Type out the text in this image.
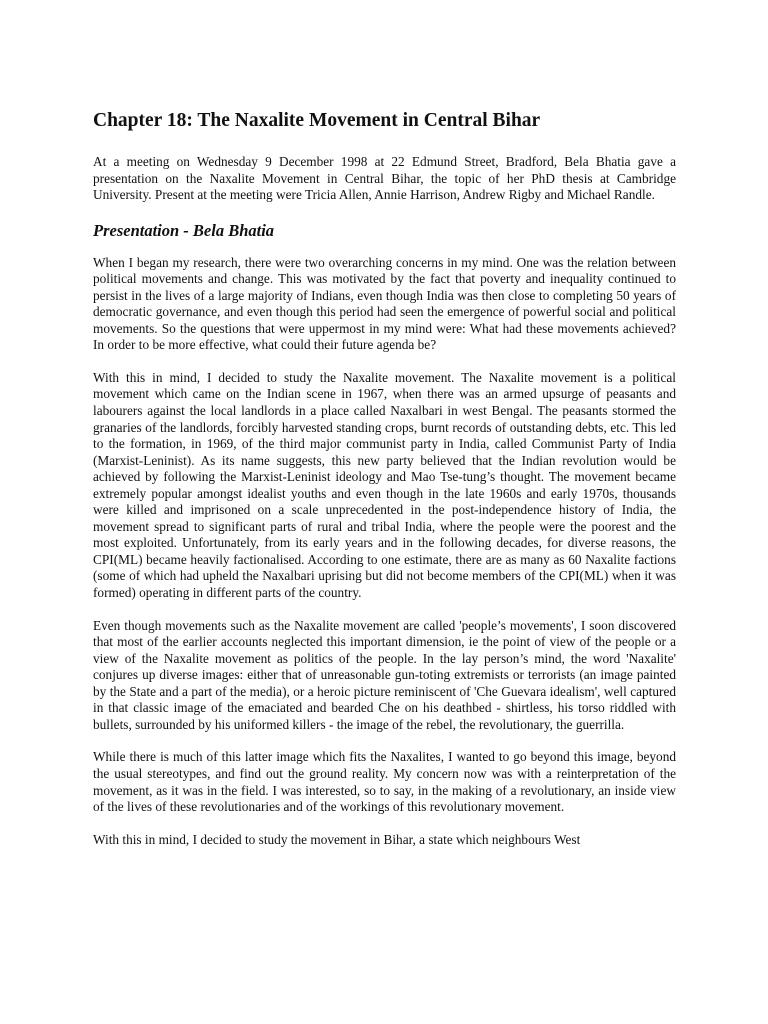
Chapter 18: The Naxalite Movement in Central Bihar

At a meeting on Wednesday 9 December 1998 at 22 Edmund Street, Bradford, Bela Bhatia gave a presentation on the Naxalite Movement in Central Bihar, the topic of her PhD thesis at Cambridge University. Present at the meeting were Tricia Allen, Annie Harrison, Andrew Rigby and Michael Randle.

Presentation - Bela Bhatia

When I began my research, there were two overarching concerns in my mind. One was the relation between political movements and change. This was motivated by the fact that poverty and inequality continued to persist in the lives of a large majority of Indians, even though India was then close to completing 50 years of democratic governance, and even though this period had seen the emergence of powerful social and political movements. So the questions that were uppermost in my mind were: What had these movements achieved? In order to be more effective, what could their future agenda be?

With this in mind, I decided to study the Naxalite movement. The Naxalite movement is a political movement which came on the Indian scene in 1967, when there was an armed upsurge of peasants and labourers against the local landlords in a place called Naxalbari in west Bengal. The peasants stormed the granaries of the landlords, forcibly harvested standing crops, burnt records of outstanding debts, etc. This led to the formation, in 1969, of the third major communist party in India, called Communist Party of India (Marxist-Leninist). As its name suggests, this new party believed that the Indian revolution would be achieved by following the Marxist-Leninist ideology and Mao Tse-tung’s thought. The movement became extremely popular amongst idealist youths and even though in the late 1960s and early 1970s, thousands were killed and imprisoned on a scale unprecedented in the post-independence history of India, the movement spread to significant parts of rural and tribal India, where the people were the poorest and the most exploited. Unfortunately, from its early years and in the following decades, for diverse reasons, the CPI(ML) became heavily factionalised. According to one estimate, there are as many as 60 Naxalite factions (some of which had upheld the Naxalbari uprising but did not become members of the CPI(ML) when it was formed) operating in different parts of the country.

Even though movements such as the Naxalite movement are called 'people’s movements', I soon discovered that most of the earlier accounts neglected this important dimension, ie the point of view of the people or a view of the Naxalite movement as politics of the people. In the lay person’s mind, the word 'Naxalite' conjures up diverse images: either that of unreasonable gun-toting extremists or terrorists (an image painted by the State and a part of the media), or a heroic picture reminiscent of 'Che Guevara idealism', well captured in that classic image of the emaciated and bearded Che on his deathbed - shirtless, his torso riddled with bullets, surrounded by his uniformed killers - the image of the rebel, the revolutionary, the guerrilla.

While there is much of this latter image which fits the Naxalites, I wanted to go beyond this image, beyond the usual stereotypes, and find out the ground reality. My concern now was with a reinterpretation of the movement, as it was in the field. I was interested, so to say, in the making of a revolutionary, an inside view of the lives of these revolutionaries and of the workings of this revolutionary movement.

With this in mind, I decided to study the movement in Bihar, a state which neighbours West
